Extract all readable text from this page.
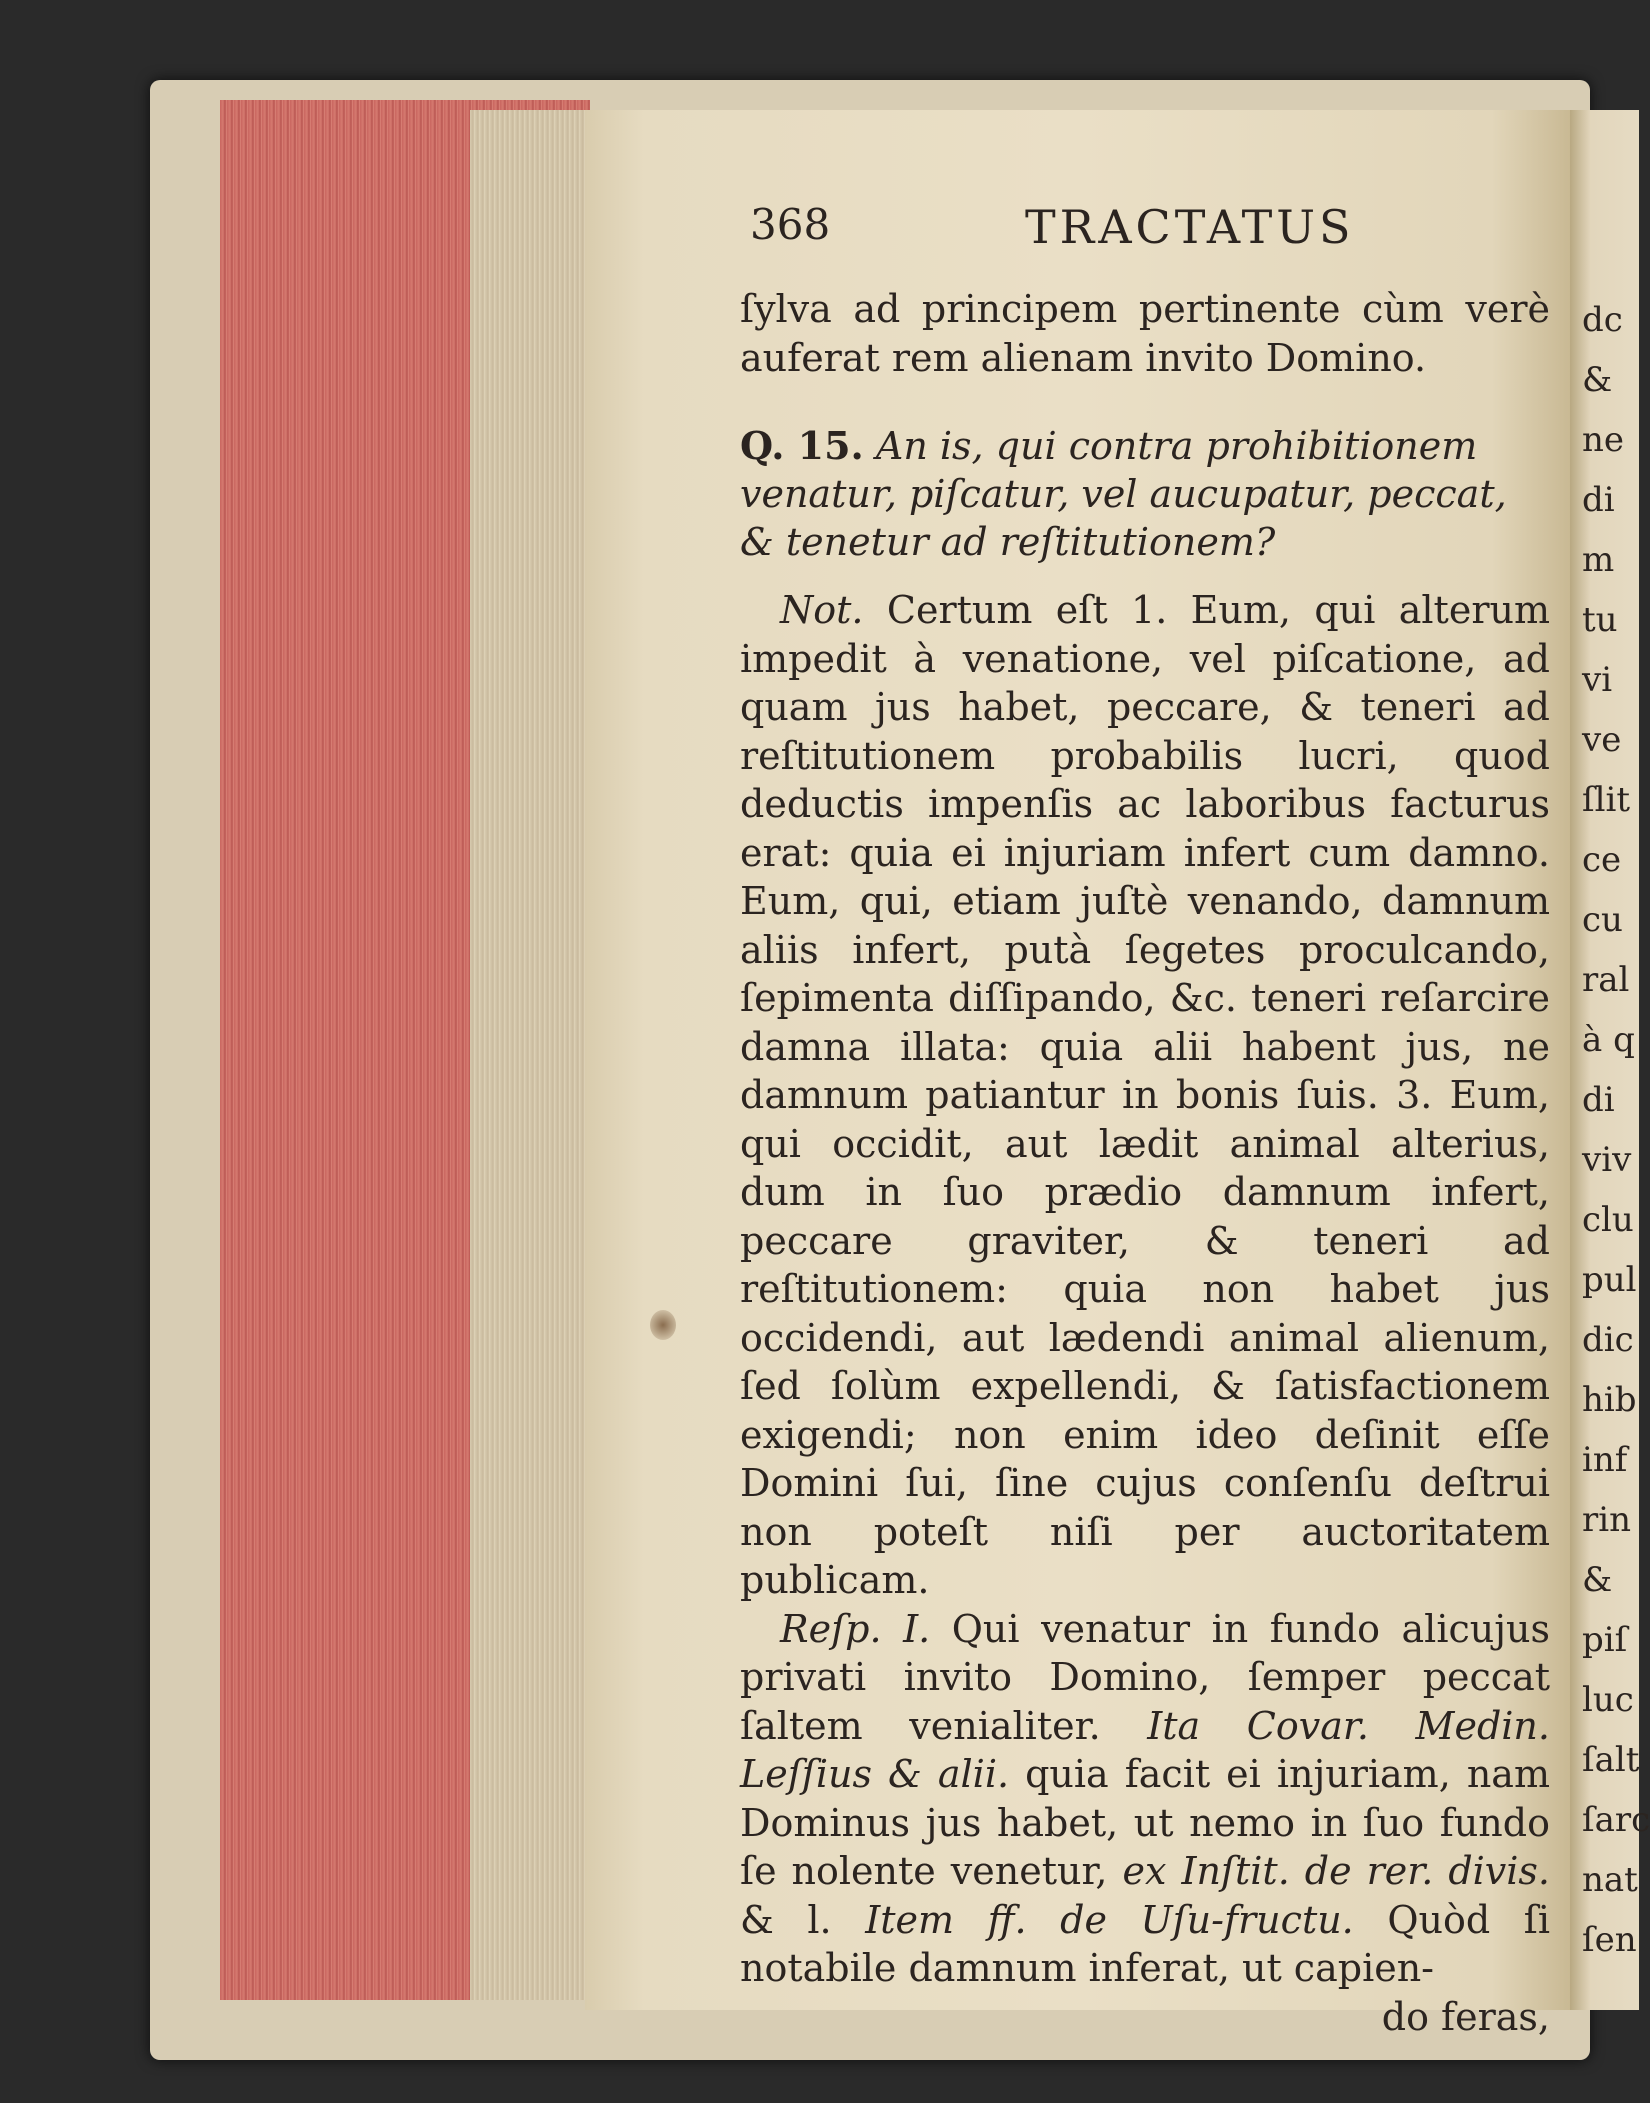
368	TRACTATUS

ſylva ad principem pertinente cùm verè auferat rem alienam invito Domino.

Q. 15. An is, qui contra prohibitionem venatur, piſcatur, vel aucupatur, peccat, & tenetur ad reſtitutionem?

Not. Certum eſt 1. Eum, qui alterum impedit à venatione, vel piſcatione, ad quam jus habet, peccare, & teneri ad reſtitutionem probabilis lucri, quod deductis impenſis ac laboribus facturus erat: quia ei injuriam infert cum damno. Eum, qui, etiam juſtè venando, damnum aliis infert, putà ſegetes proculcando, ſepimenta diſſipando, &c. teneri reſarcire damna illata: quia alii habent jus, ne damnum patiantur in bonis ſuis. 3. Eum, qui occidit, aut lædit animal alterius, dum in ſuo prædio damnum infert, peccare graviter, & teneri ad reſtitutionem: quia non habet jus occidendi, aut lædendi animal alienum, ſed ſolùm expellendi, & ſatisfactionem exigendi; non enim ideo deſinit eſſe Domini ſui, ſine cujus conſenſu deſtrui non poteſt niſi per auctoritatem publicam.

Reſp. I. Qui venatur in fundo alicujus privati invito Domino, ſemper peccat ſaltem venialiter. Ita Covar. Medin. Leſſius & alii. quia facit ei injuriam, nam Dominus jus habet, ut nemo in ſuo fundo ſe nolente venetur, ex Inſtit. de rer. divis. & l. Item ff. de Uſu-fructu. Quòd ſi notabile damnum inferat, ut capien-

do feras,

dc
&
ne
di
m
tu
vi
ve
ſlit
ce
cu
ral
à q
di
viv
clu
pul
dic
hib
inf
rin
&
piſ
luc
ſalt
ſarc
nat
ſen
